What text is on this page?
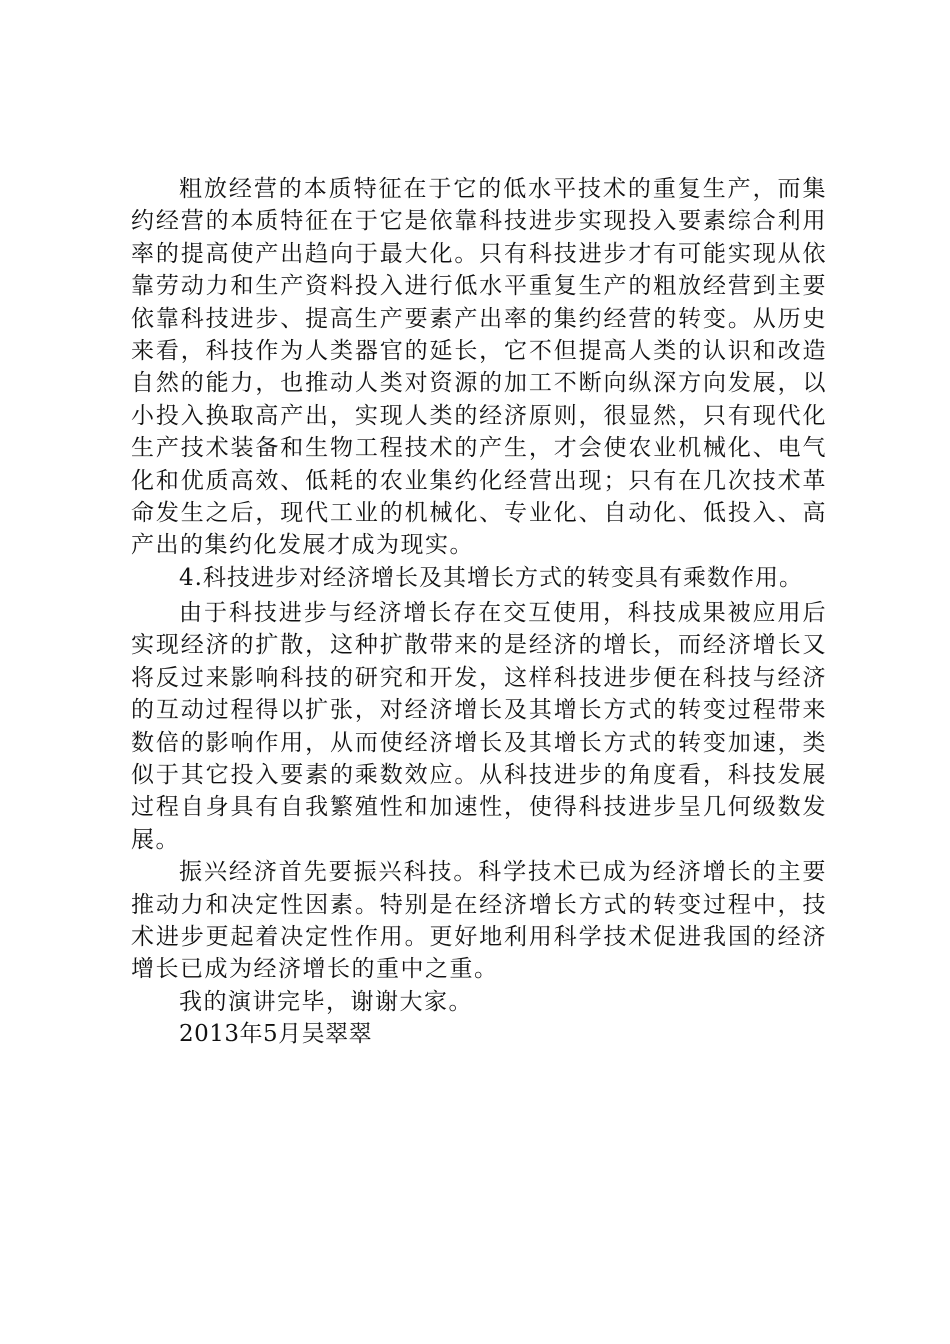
粗放经营的本质特征在于它的低水平技术的重复生产，而集约经营的本质特征在于它是依靠科技进步实现投入要素综合利用率的提高使产出趋向于最大化。只有科技进步才有可能实现从依靠劳动力和生产资料投入进行低水平重复生产的粗放经营到主要依靠科技进步、提高生产要素产出率的集约经营的转变。从历史来看，科技作为人类器官的延长，它不但提高人类的认识和改造自然的能力，也推动人类对资源的加工不断向纵深方向发展，以小投入换取高产出，实现人类的经济原则，很显然，只有现代化生产技术装备和生物工程技术的产生，才会使农业机械化、电气化和优质高效、低耗的农业集约化经营出现；只有在几次技术革命发生之后，现代工业的机械化、专业化、自动化、低投入、高产出的集约化发展才成为现实。

4.科技进步对经济增长及其增长方式的转变具有乘数作用。

由于科技进步与经济增长存在交互使用，科技成果被应用后实现经济的扩散，这种扩散带来的是经济的增长，而经济增长又将反过来影响科技的研究和开发，这样科技进步便在科技与经济的互动过程得以扩张，对经济增长及其增长方式的转变过程带来数倍的影响作用，从而使经济增长及其增长方式的转变加速，类似于其它投入要素的乘数效应。从科技进步的角度看，科技发展过程自身具有自我繁殖性和加速性，使得科技进步呈几何级数发展。

振兴经济首先要振兴科技。科学技术已成为经济增长的主要推动力和决定性因素。特别是在经济增长方式的转变过程中，技术进步更起着决定性作用。更好地利用科学技术促进我国的经济增长已成为经济增长的重中之重。

我的演讲完毕，谢谢大家。

2013年5月吴翠翠
